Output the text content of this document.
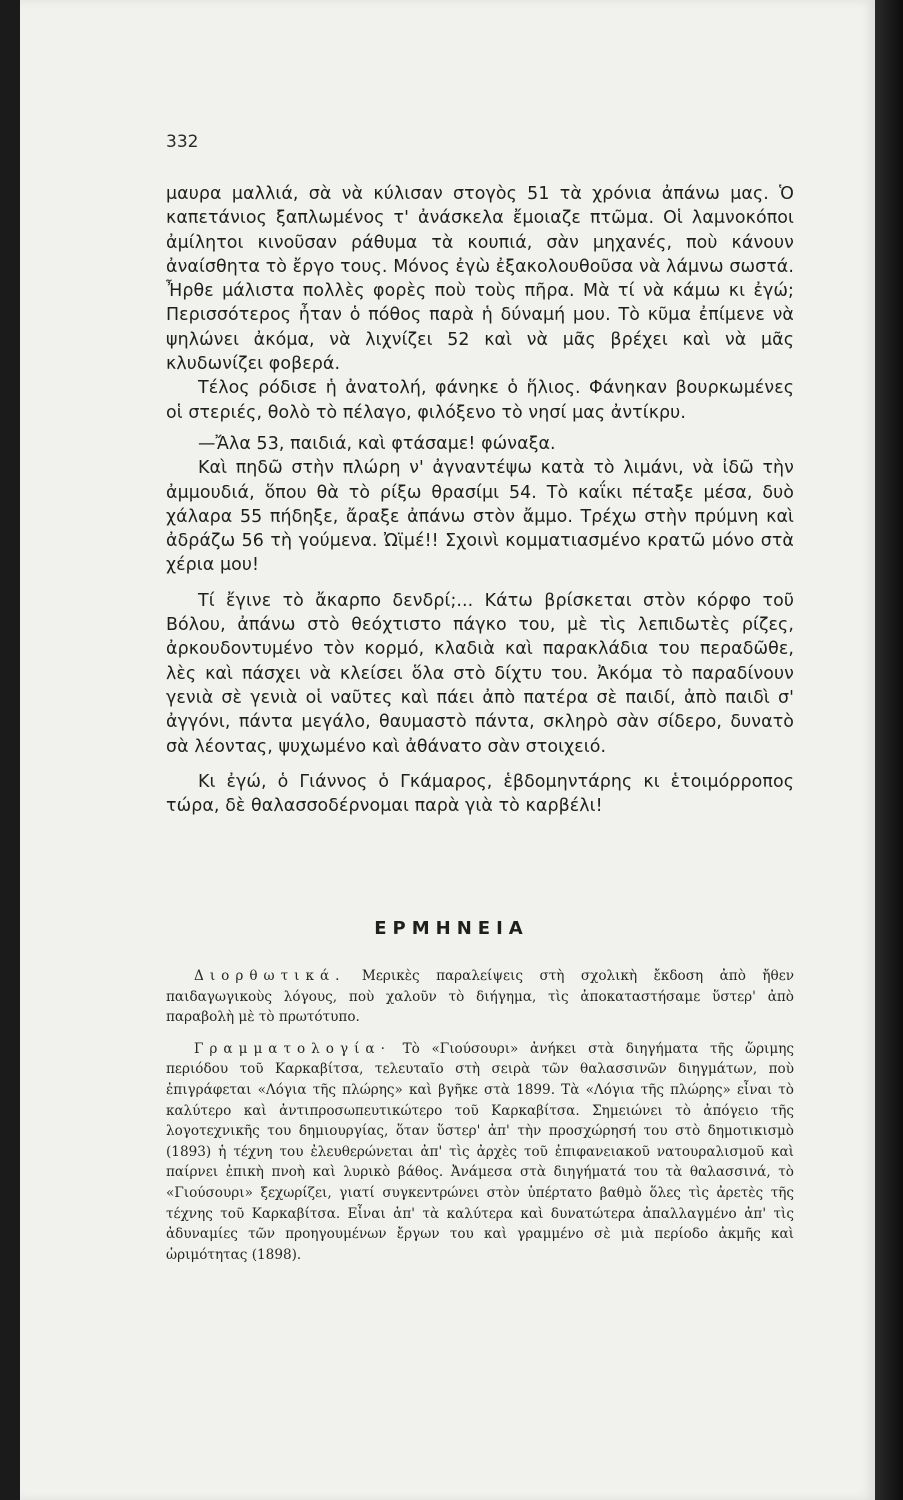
332

μαυρα μαλλιά, σὰ νὰ κύλισαν στογὸς 51 τὰ χρόνια ἀπάνω μας. Ὁ καπετάνιος ξαπλωμένος τ' ἀνάσκελα ἔμοιαζε πτῶμα. Οἱ λαμνοκόποι ἀμίλητοι κινοῦσαν ράθυμα τὰ κουπιά, σὰν μηχανές, ποὺ κάνουν ἀναίσθητα τὸ ἔργο τους. Μόνος ἐγὼ ἐξακολουθοῦσα νὰ λάμνω σωστά. Ἦρθε μάλιστα πολλὲς φορὲς ποὺ τοὺς πῆρα. Μὰ τί νὰ κάμω κι ἐγώ; Περισσότερος ἦταν ὁ πόθος παρὰ ἡ δύναμή μου. Τὸ κῦμα ἐπίμενε νὰ ψηλώνει ἀκόμα, νὰ λιχνίζει 52 καὶ νὰ μᾶς βρέχει καὶ νὰ μᾶς κλυδωνίζει φοβερά.

Τέλος ρόδισε ἡ ἀνατολή, φάνηκε ὁ ἥλιος. Φάνηκαν βουρκωμένες οἱ στεριές, θολὸ τὸ πέλαγο, φιλόξενο τὸ νησί μας ἀντίκρυ.

—Ἄλα 53, παιδιά, καὶ φτάσαμε! φώναξα.

Καὶ πηδῶ στὴν πλώρη ν' ἀγναντέψω κατὰ τὸ λιμάνι, νὰ ἰδῶ τὴν ἀμμουδιά, ὅπου θὰ τὸ ρίξω θρασίμι 54. Τὸ καΐκι πέταξε μέσα, δυὸ χάλαρα 55 πήδηξε, ἄραξε ἀπάνω στὸν ἄμμο. Τρέχω στὴν πρύμνη καὶ ἀδράζω 56 τὴ γούμενα. Ὠϊμέ!! Σχοινὶ κομματιασμένο κρατῶ μόνο στὰ χέρια μου!

Τί ἔγινε τὸ ἄκαρπο δενδρί;... Κάτω βρίσκεται στὸν κόρφο τοῦ Βόλου, ἀπάνω στὸ θεόχτιστο πάγκο του, μὲ τὶς λεπιδωτὲς ρίζες, ἀρκουδοντυμένο τὸν κορμό, κλαδιὰ καὶ παρακλάδια του περαδῶθε, λὲς καὶ πάσχει νὰ κλείσει ὅλα στὸ δίχτυ του. Ἀκόμα τὸ παραδίνουν γενιὰ σὲ γενιὰ οἱ ναῦτες καὶ πάει ἀπὸ πατέρα σὲ παιδί, ἀπὸ παιδὶ σ' ἀγγόνι, πάντα μεγάλο, θαυμαστὸ πάντα, σκληρὸ σὰν σίδερο, δυνατὸ σὰ λέοντας, ψυχωμένο καὶ ἀθάνατο σὰν στοιχειό.

Κι ἐγώ, ὁ Γιάννος ὁ Γκάμαρος, ἑβδομηντάρης κι ἑτοιμόρροπος τώρα, δὲ θαλασσοδέρνομαι παρὰ γιὰ τὸ καρβέλι!

ΕΡΜΗΝΕΙΑ

Διορθωτικά. Μερικὲς παραλείψεις στὴ σχολικὴ ἔκδοση ἀπὸ ἤθεν παιδαγωγικοὺς λόγους, ποὺ χαλοῦν τὸ διήγημα, τὶς ἀποκαταστήσαμε ὕστερ' ἀπὸ παραβολὴ μὲ τὸ πρωτότυπο.

Γραμματολογία· Τὸ «Γιούσουρι» ἀνήκει στὰ διηγήματα τῆς ὥριμης περιόδου τοῦ Καρκαβίτσα, τελευταῖο στὴ σειρὰ τῶν θαλασσινῶν διηγμάτων, ποὺ ἐπιγράφεται «Λόγια τῆς πλώρης» καὶ βγῆκε στὰ 1899. Τὰ «Λόγια τῆς πλώρης» εἶναι τὸ καλύτερο καὶ ἀντιπροσωπευτικώτερο τοῦ Καρκαβίτσα. Σημειώνει τὸ ἀπόγειο τῆς λογοτεχνικῆς του δημιουργίας, ὅταν ὕστερ' ἀπ' τὴν προσχώρησή του στὸ δημοτικισμὸ (1893) ἡ τέχνη του ἐλευθερώνεται ἀπ' τὶς ἀρχὲς τοῦ ἐπιφανειακοῦ νατουραλισμοῦ καὶ παίρνει ἐπικὴ πνοὴ καὶ λυρικὸ βάθος. Ἀνάμεσα στὰ διηγήματά του τὰ θαλασσινά, τὸ «Γιούσουρι» ξεχωρίζει, γιατί συγκεντρώνει στὸν ὑπέρτατο βαθμὸ ὅλες τὶς ἀρετὲς τῆς τέχνης τοῦ Καρκαβίτσα. Εἶναι ἀπ' τὰ καλύτερα καὶ δυνατώτερα ἀπαλλαγμένο ἀπ' τὶς ἀδυναμίες τῶν προηγουμένων ἔργων του καὶ γραμμένο σὲ μιὰ περίοδο ἀκμῆς καὶ ὡριμότητας (1898).
